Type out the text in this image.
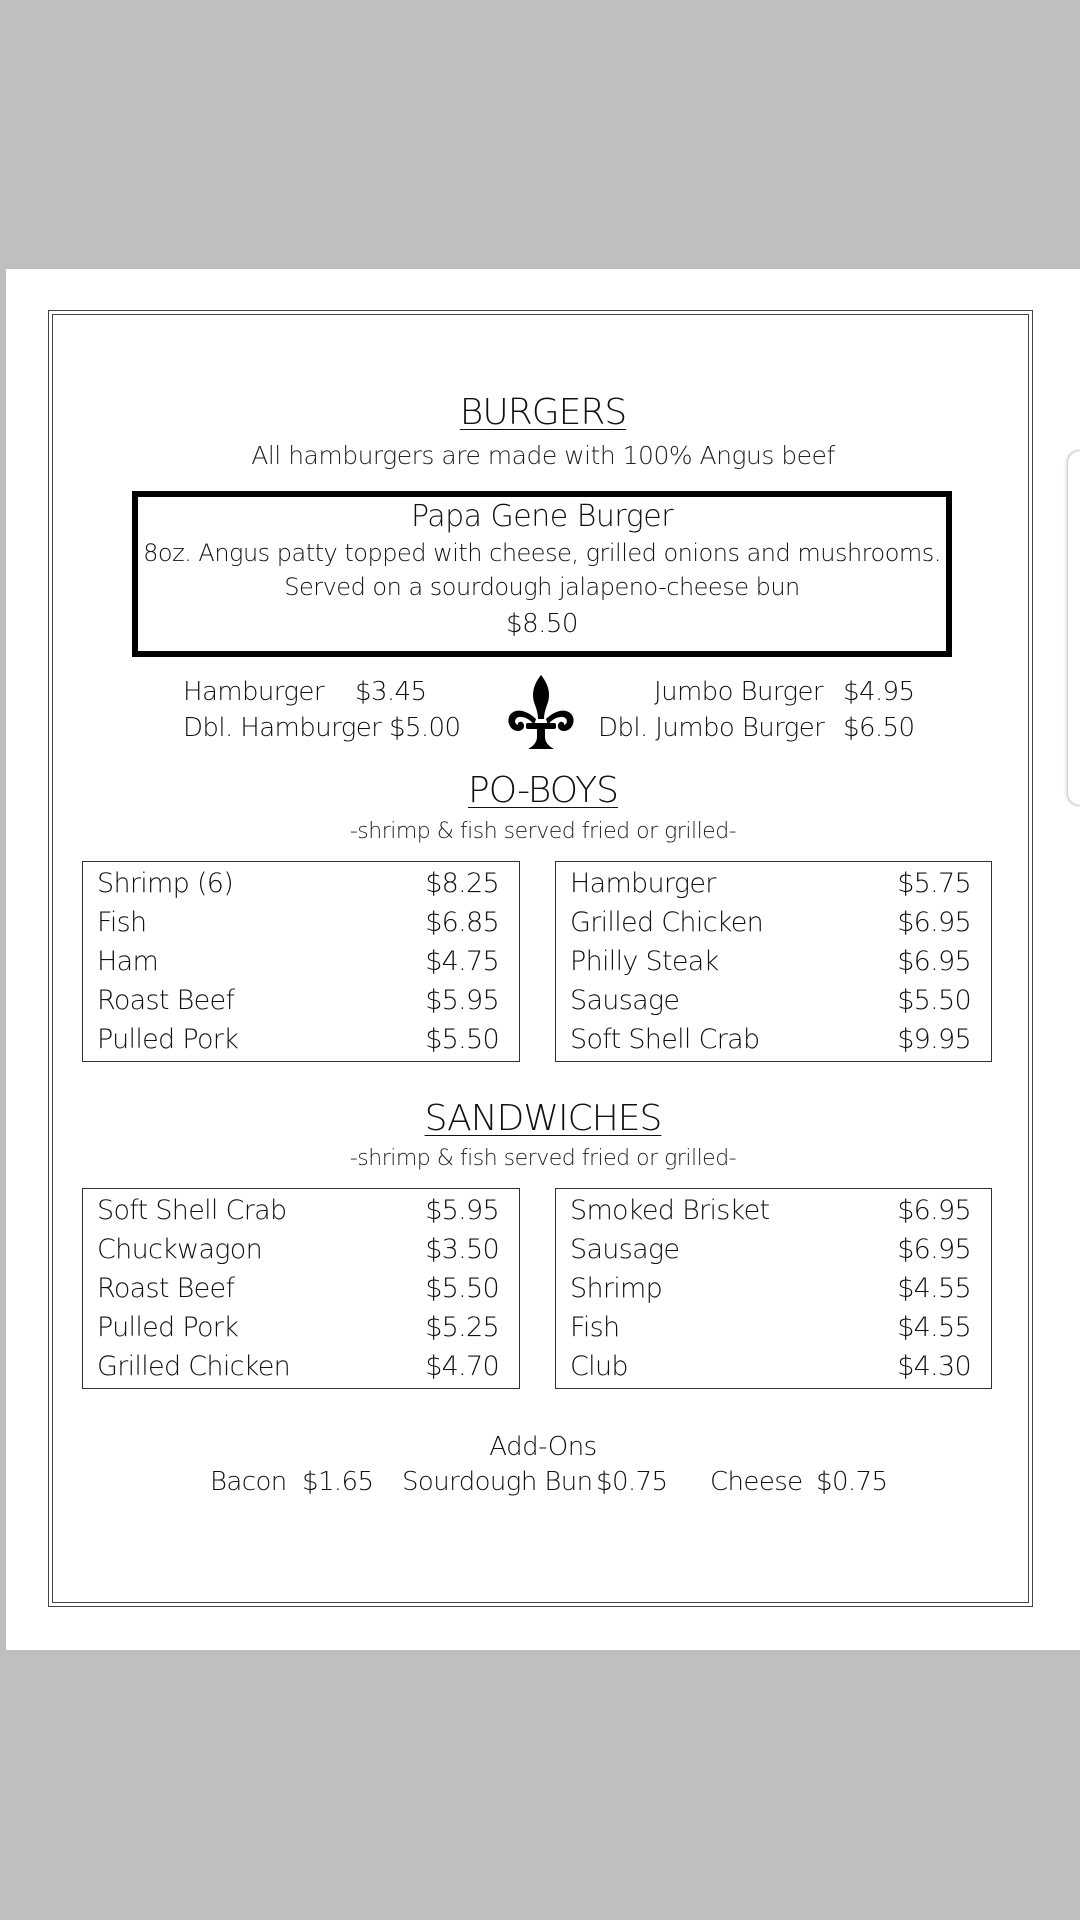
BURGERS
All hamburgers are made with 100% Angus beef
Papa Gene Burger
8oz. Angus patty topped with cheese, grilled onions and mushrooms.
Served on a sourdough jalapeno-cheese bun
$8.50
Hamburger $3.45
Dbl. Hamburger $5.00
Jumbo Burger $4.95
Dbl. Jumbo Burger $6.50
PO-BOYS
-shrimp & fish served fried or grilled-
Shrimp (6)	$8.25
Fish	$6.85
Ham	$4.75
Roast Beef	$5.95
Pulled Pork	$5.50
Hamburger	$5.75
Grilled Chicken	$6.95
Philly Steak	$6.95
Sausage	$5.50
Soft Shell Crab	$9.95
SANDWICHES
-shrimp & fish served fried or grilled-
Soft Shell Crab	$5.95
Chuckwagon	$3.50
Roast Beef	$5.50
Pulled Pork	$5.25
Grilled Chicken	$4.70
Smoked Brisket	$6.95
Sausage	$6.95
Shrimp	$4.55
Fish	$4.55
Club	$4.30
Add-Ons
Bacon $1.65 Sourdough Bun $0.75 Cheese $0.75
